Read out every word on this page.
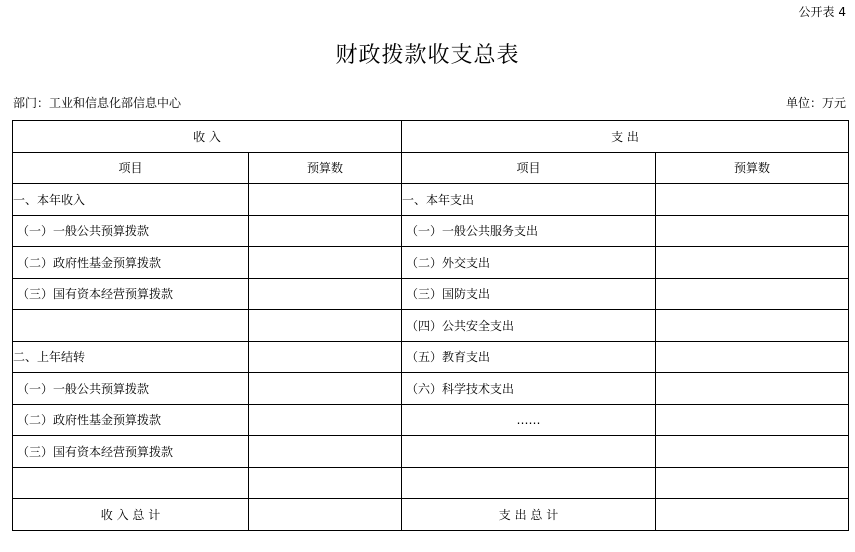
公开表 4
财政拨款收支总表
部门：工业和信息化部信息中心	单位：万元
收 入		支 出	
项目	预算数	项目	预算数
一、本年收入		一、本年支出	
（一）一般公共预算拨款		（一）一般公共服务支出	
（二）政府性基金预算拨款		（二）外交支出	
（三）国有资本经营预算拨款		（三）国防支出	
		（四）公共安全支出	
二、上年结转		（五）教育支出	
（一）一般公共预算拨款		（六）科学技术支出	
（二）政府性基金预算拨款		……	
（三）国有资本经营预算拨款			

收 入 总 计		支 出 总 计	
